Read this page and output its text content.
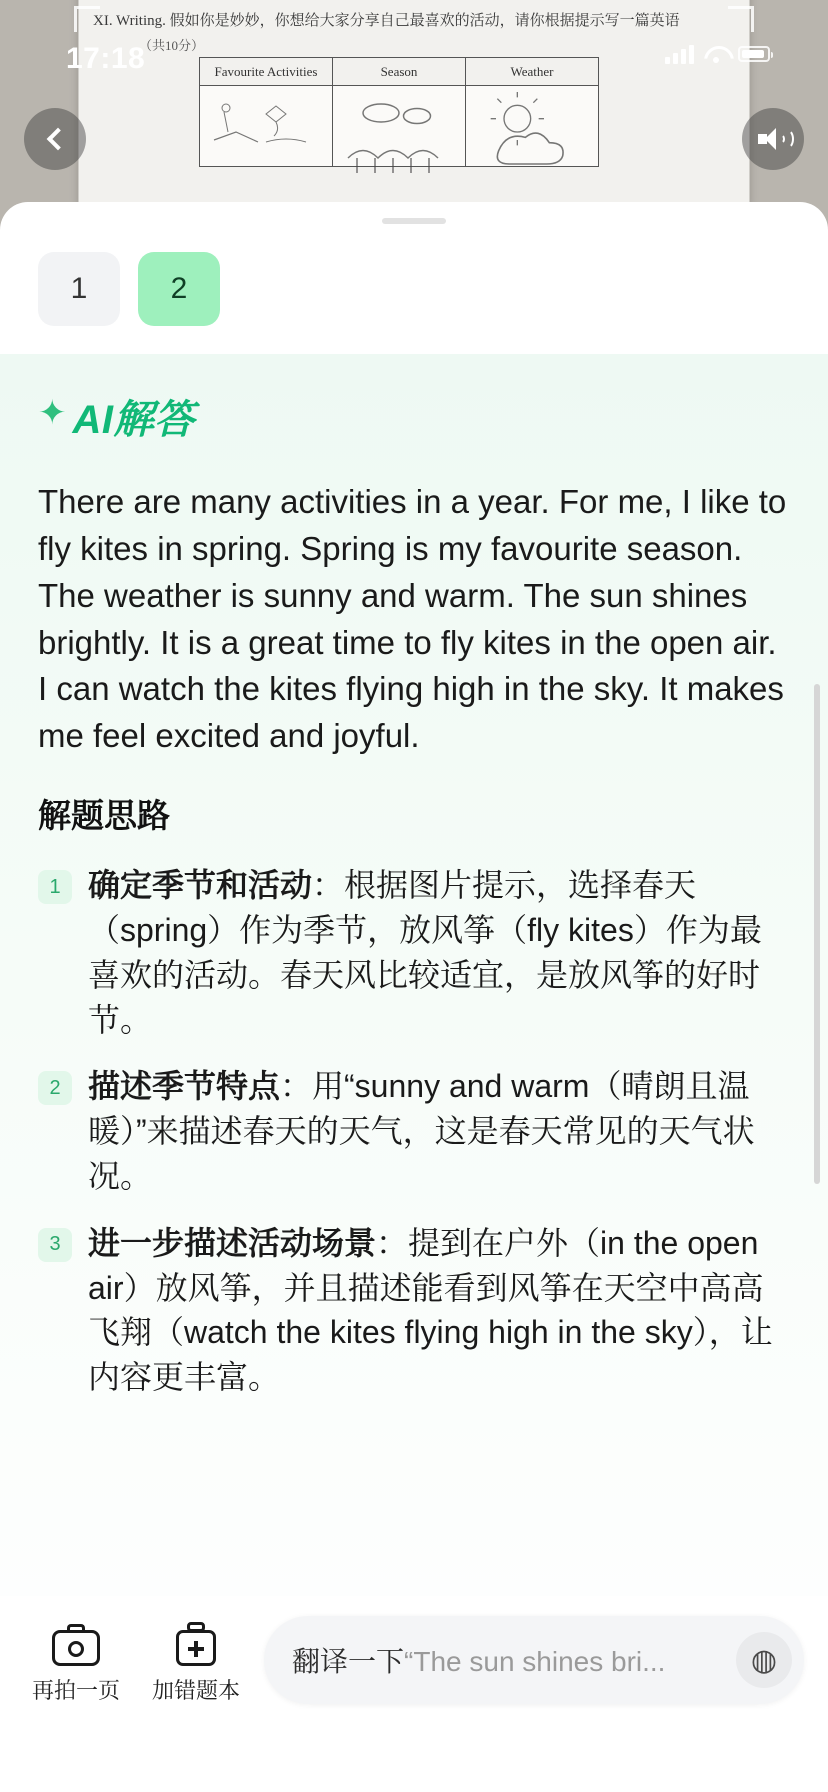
XI. Writing. 假如你是妙妙，你想给大家分享自己最喜欢的活动，请你根据提示写一篇英语
（共10分）
Favourite Activities	Season	Weather
17:18
1	2
✦ AI解答
There are many activities in a year. For me, I like to fly kites in spring. Spring is my favourite season. The weather is sunny and warm. The sun shines brightly. It is a great time to fly kites in the open air. I can watch the kites flying high in the sky. It makes me feel excited and joyful.
解题思路
1 确定季节和活动：根据图片提示，选择春天（spring）作为季节，放风筝（fly kites）作为最喜欢的活动。春天风比较适宜，是放风筝的好时节。
2 描述季节特点：用“sunny and warm（晴朗且温暖）”来描述春天的天气，这是春天常见的天气状况。
3 进一步描述活动场景：提到在户外（in the open air）放风筝，并且描述能看到风筝在天空中高高飞翔（watch the kites flying high in the sky），让内容更丰富。
再拍一页 加错题本
翻译一下“The sun shines bri...	◍
